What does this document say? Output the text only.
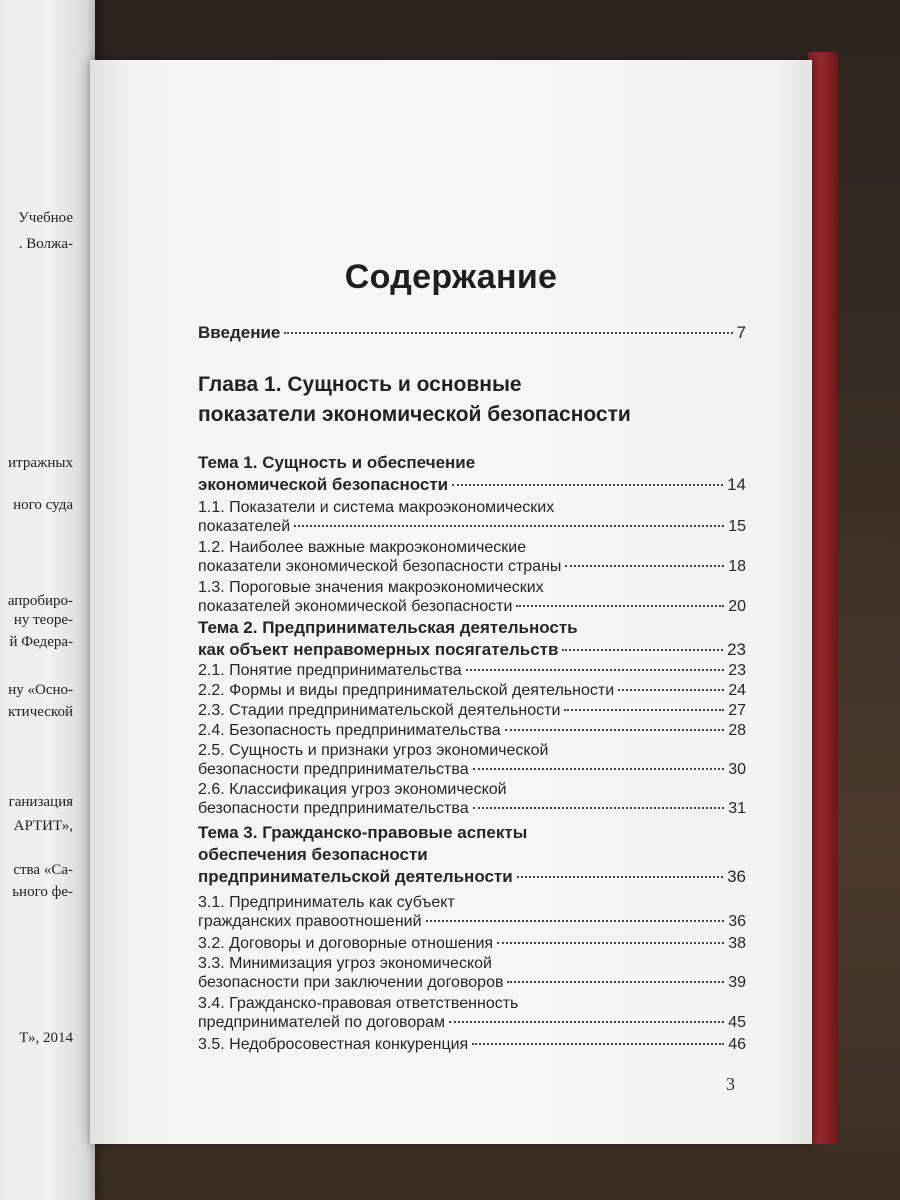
Учебное
. Волжа-
итражных
ного суда
апробиро-
ну теоре-
й Федера-
ну «Осно-
ктической
ганизация
АРТИТ»,
ства «Са-
ьного фе-
Т», 2014
Содержание
Введение	7
Глава 1. Сущность и основные
показатели экономической безопасности
Тема 1. Сущность и обеспечение
экономической безопасности	14
1.1. Показатели и система макроэкономических
показателей	15
1.2. Наиболее важные макроэкономические
показатели экономической безопасности страны	18
1.3. Пороговые значения макроэкономических
показателей экономической безопасности	20
Тема 2. Предпринимательская деятельность
как объект неправомерных посягательств	23
2.1. Понятие предпринимательства	23
2.2. Формы и виды предпринимательской деятельности	24
2.3. Стадии предпринимательской деятельности	27
2.4. Безопасность предпринимательства	28
2.5. Сущность и признаки угроз экономической
безопасности предпринимательства	30
2.6. Классификация угроз экономической
безопасности предпринимательства	31
Тема 3. Гражданско-правовые аспекты
обеспечения безопасности
предпринимательской деятельности	36
3.1. Предприниматель как субъект
гражданских правоотношений	36
3.2. Договоры и договорные отношения	38
3.3. Минимизация угроз экономической
безопасности при заключении договоров	39
3.4. Гражданско-правовая ответственность
предпринимателей по договорам	45
3.5. Недобросовестная конкуренция	46
3
